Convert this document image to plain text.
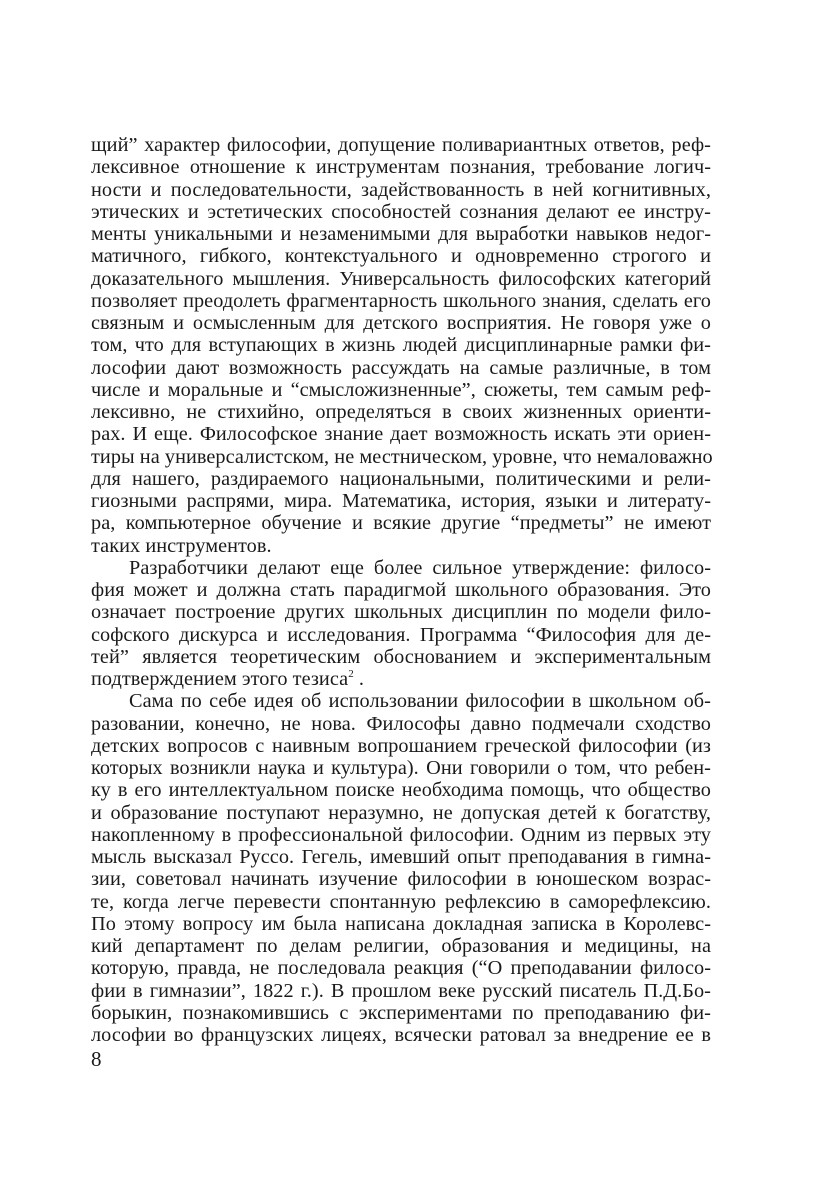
щий” характер философии, допущение поливариантных ответов, реф-
лексивное отношение к инструментам познания, требование логич-
ности и последовательности, задействованность в ней когнитивных,
этических и эстетических способностей сознания делают ее инстру-
менты уникальными и незаменимыми для выработки навыков недог-
матичного, гибкого, контекстуального и одновременно строгого и
доказательного мышления. Универсальность философских категорий
позволяет преодолеть фрагментарность школьного знания, сделать его
связным и осмысленным для детского восприятия. Не говоря уже о
том, что для вступающих в жизнь людей дисциплинарные рамки фи-
лософии дают возможность рассуждать на самые различные, в том
числе и моральные и “смысложизненные”, сюжеты, тем самым реф-
лексивно, не стихийно, определяться в своих жизненных ориенти-
рах. И еще. Философское знание дает возможность искать эти ориен-
тиры на универсалистском, не местническом, уровне, что немаловажно
для нашего, раздираемого национальными, политическими и рели-
гиозными распрями, мира. Математика, история, языки и литерату-
ра, компьютерное обучение и всякие другие “предметы” не имеют
таких инструментов.
Разработчики делают еще более сильное утверждение: филосо-
фия может и должна стать парадигмой школьного образования. Это
означает построение других школьных дисциплин по модели фило-
софского дискурса и исследования. Программа “Философия для де-
тей” является теоретическим обоснованием и экспериментальным
подтверждением этого тезиса$^2$ .
Сама по себе идея об использовании философии в школьном об-
разовании, конечно, не нова. Философы давно подмечали сходство
детских вопросов с наивным вопрошанием греческой философии (из
которых возникли наука и культура). Они говорили о том, что ребен-
ку в его интеллектуальном поиске необходима помощь, что общество
и образование поступают неразумно, не допуская детей к богатству,
накопленному в профессиональной философии. Одним из первых эту
мысль высказал Руссо. Гегель, имевший опыт преподавания в гимна-
зии, советовал начинать изучение философии в юношеском возрас-
те, когда легче перевести спонтанную рефлексию в саморефлексию.
По этому вопросу им была написана докладная записка в Королевс-
кий департамент по делам религии, образования и медицины, на
которую, правда, не последовала реакция (“О преподавании филосо-
фии в гимназии”, 1822 г.). В прошлом веке русский писатель П.Д.Бо-
борыкин, познакомившись с экспериментами по преподаванию фи-
лософии во французских лицеях, всячески ратовал за внедрение ее в
8
